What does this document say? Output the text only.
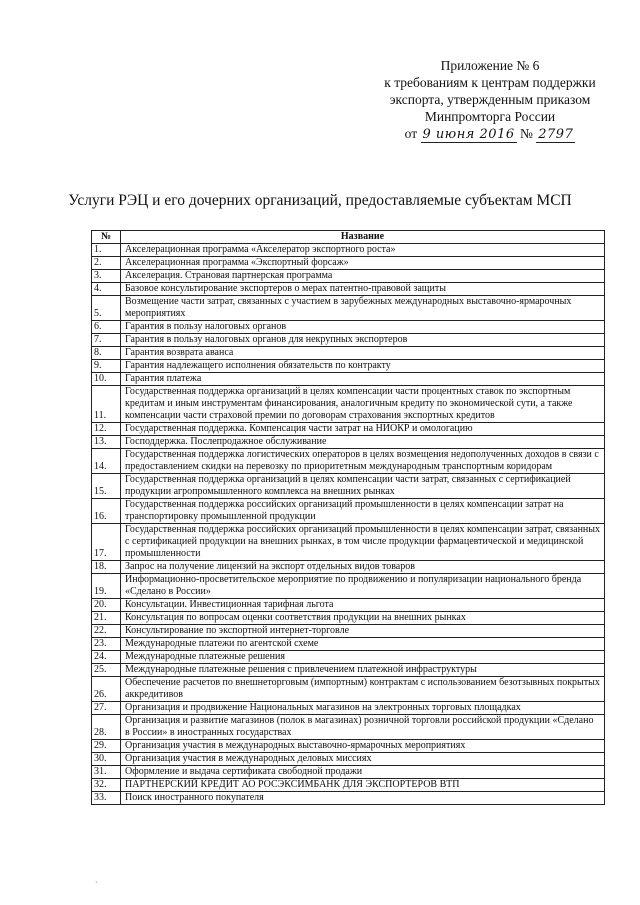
Приложение № 6
к требованиям к центрам поддержки
экспорта, утвержденным приказом
Минпромторга России
от 9 июня 2016 № 2797
Услуги РЭЦ и его дочерних организаций, предоставляемые субъектам МСП
№	Название
1.	Акселерационная программа «Акселератор экспортного роста»
2.	Акселерационная программа «Экспортный форсаж»
3.	Акселерация. Страновая партнерская программа
4.	Базовое консультирование экспортеров о мерах патентно-правовой защиты
5.	Возмещение части затрат, связанных с участием в зарубежных международных выставочно-ярмарочных мероприятиях
6.	Гарантия в пользу налоговых органов
7.	Гарантия в пользу налоговых органов для некрупных экспортеров
8.	Гарантия возврата аванса
9.	Гарантия надлежащего исполнения обязательств по контракту
10.	Гарантия платежа
11.	Государственная поддержка организаций в целях компенсации части процентных ставок по экспортным кредитам и иным инструментам финансирования, аналогичным кредиту по экономической сути, а также компенсации части страховой премии по договорам страхования экспортных кредитов
12.	Государственная поддержка. Компенсация части затрат на НИОКР и омологацию
13.	Господдержка. Послепродажное обслуживание
14.	Государственная поддержка логистических операторов в целях возмещения недополученных доходов в связи с предоставлением скидки на перевозку по приоритетным международным транспортным коридорам
15.	Государственная поддержка организаций в целях компенсации части затрат, связанных с сертификацией продукции агропромышленного комплекса на внешних рынках
16.	Государственная поддержка российских организаций промышленности в целях компенсации затрат на транспортировку промышленной продукции
17.	Государственная поддержка российских организаций промышленности в целях компенсации затрат, связанных с сертификацией продукции на внешних рынках, в том числе продукции фармацевтической и медицинской промышленности
18.	Запрос на получение лицензий на экспорт отдельных видов товаров
19.	Информационно-просветительское мероприятие по продвижению и популяризации национального бренда «Сделано в России»
20.	Консультации. Инвестиционная тарифная льгота
21.	Консультация по вопросам оценки соответствия продукции на внешних рынках
22.	Консультирование по экспортной интернет-торговле
23.	Международные платежи по агентской схеме
24.	Международные платежные решения
25.	Международные платежные решения с привлечением платежной инфраструктуры
26.	Обеспечение расчетов по внешнеторговым (импортным) контрактам с использованием безотзывных покрытых аккредитивов
27.	Организация и продвижение Национальных магазинов на электронных торговых площадках
28.	Организация и развитие магазинов (полок в магазинах) розничной торговли российской продукции «Сделано в России» в иностранных государствах
29.	Организация участия в международных выставочно-ярмарочных мероприятиях
30.	Организация участия в международных деловых миссиях
31.	Оформление и выдача сертификата свободной продажи
32.	ПАРТНЕРСКИЙ КРЕДИТ АО РОСЭКСИМБАНК ДЛЯ ЭКСПОРТЕРОВ ВТП
33.	Поиск иностранного покупателя
`
